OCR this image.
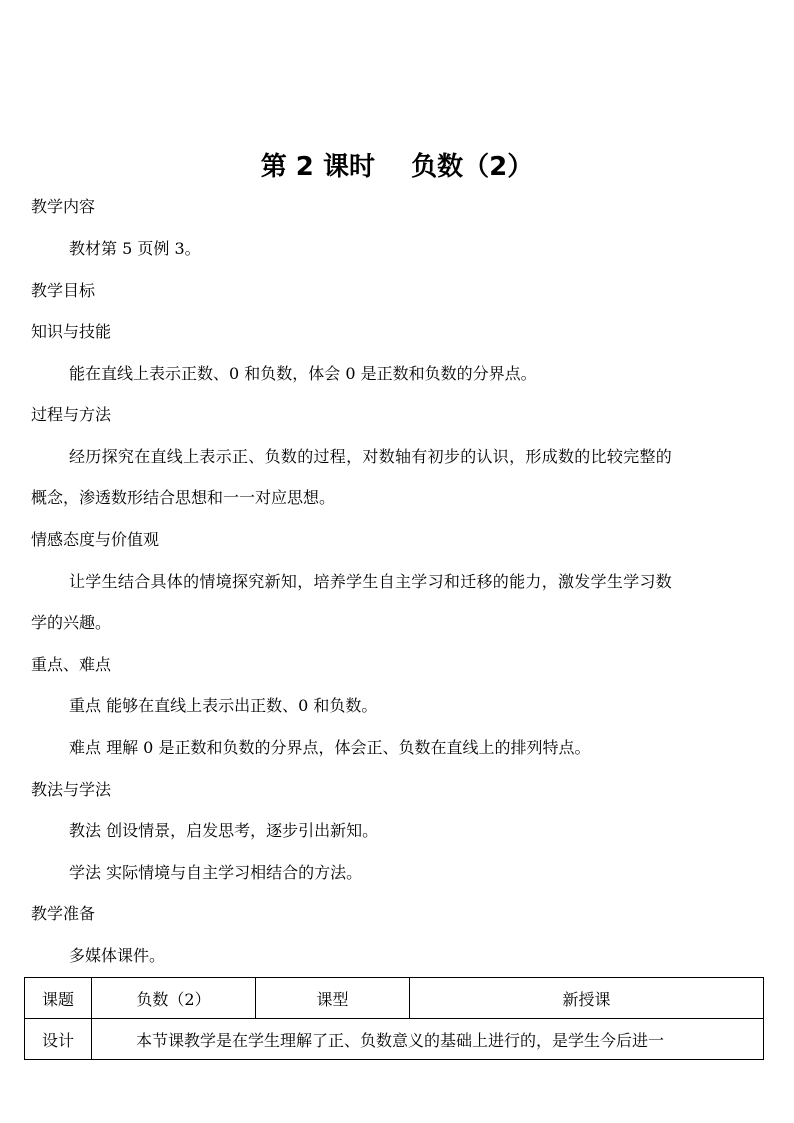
第 2 课时    负数（2）
教学内容
教材第 5 页例 3。
教学目标
知识与技能
能在直线上表示正数、0 和负数，体会 0 是正数和负数的分界点。
过程与方法
经历探究在直线上表示正、负数的过程，对数轴有初步的认识，形成数的比较完整的
概念，渗透数形结合思想和一一对应思想。
情感态度与价值观
让学生结合具体的情境探究新知，培养学生自主学习和迁移的能力，激发学生学习数
学的兴趣。
重点、难点
重点 能够在直线上表示出正数、0 和负数。
难点 理解 0 是正数和负数的分界点，体会正、负数在直线上的排列特点。
教法与学法
教法 创设情景，启发思考，逐步引出新知。
学法 实际情境与自主学习相结合的方法。
教学准备
多媒体课件。
课题	负数（2）	课型	新授课
设计	本节课教学是在学生理解了正、负数意义的基础上进行的，是学生今后进一		
